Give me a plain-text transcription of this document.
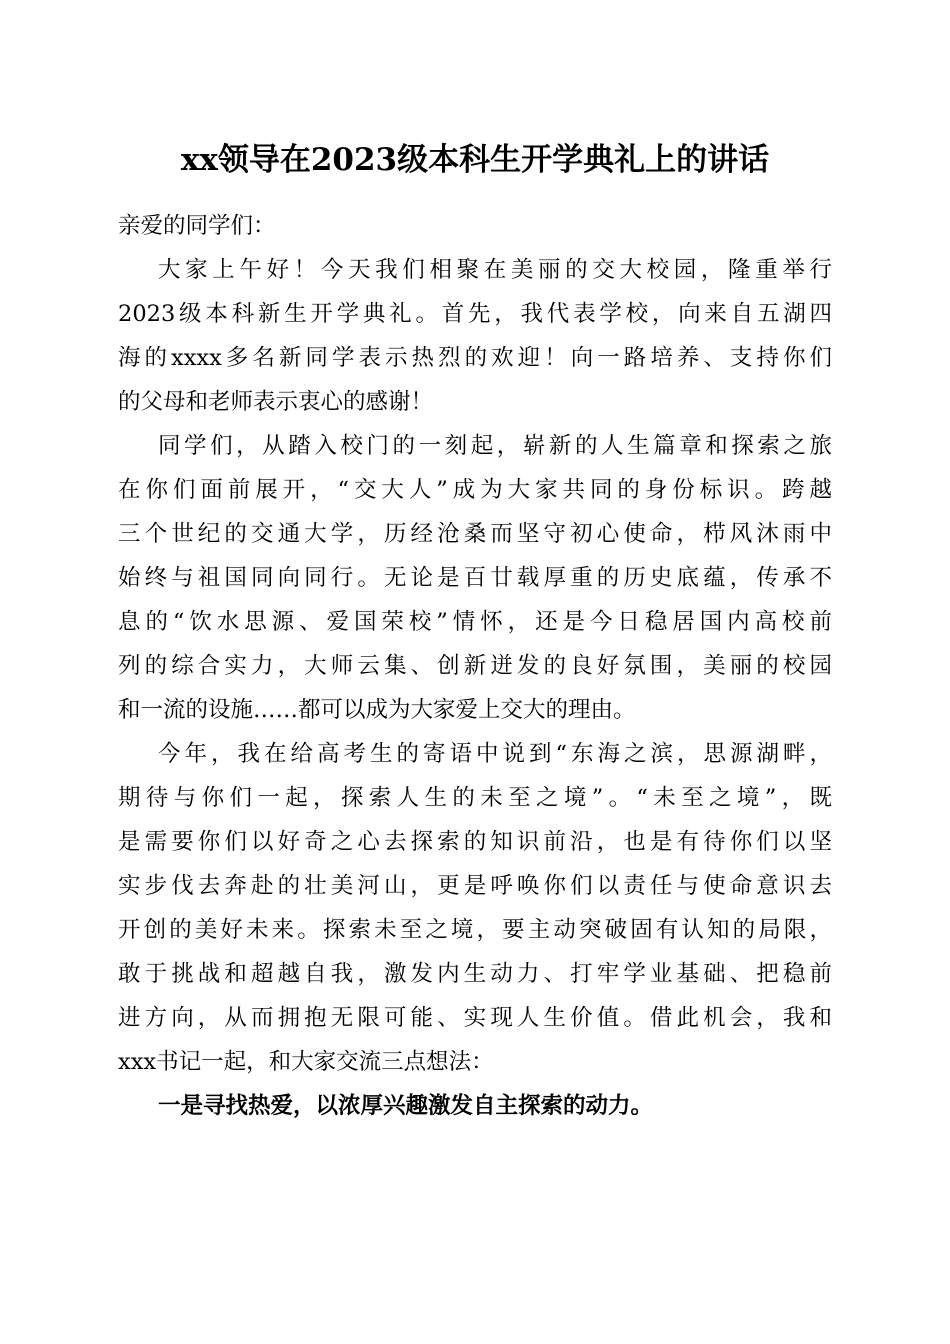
xx领导在2023级本科生开学典礼上的讲话
亲爱的同学们：
大家上午好！今天我们相聚在美丽的交大校园，隆重举行
2023级本科新生开学典礼。首先，我代表学校，向来自五湖四
海的xxxx多名新同学表示热烈的欢迎！向一路培养、支持你们
的父母和老师表示衷心的感谢！
同学们，从踏入校门的一刻起，崭新的人生篇章和探索之旅
在你们面前展开，“交大人”成为大家共同的身份标识。跨越
三个世纪的交通大学，历经沧桑而坚守初心使命，栉风沐雨中
始终与祖国同向同行。无论是百廿载厚重的历史底蕴，传承不
息的“饮水思源、爱国荣校”情怀，还是今日稳居国内高校前
列的综合实力，大师云集、创新迸发的良好氛围，美丽的校园
和一流的设施……都可以成为大家爱上交大的理由。
今年，我在给高考生的寄语中说到“东海之滨，思源湖畔，
期待与你们一起，探索人生的未至之境”。“未至之境”，既
是需要你们以好奇之心去探索的知识前沿，也是有待你们以坚
实步伐去奔赴的壮美河山，更是呼唤你们以责任与使命意识去
开创的美好未来。探索未至之境，要主动突破固有认知的局限，
敢于挑战和超越自我，激发内生动力、打牢学业基础、把稳前
进方向，从而拥抱无限可能、实现人生价值。借此机会，我和
xxx书记一起，和大家交流三点想法：
一是寻找热爱，以浓厚兴趣激发自主探索的动力。
